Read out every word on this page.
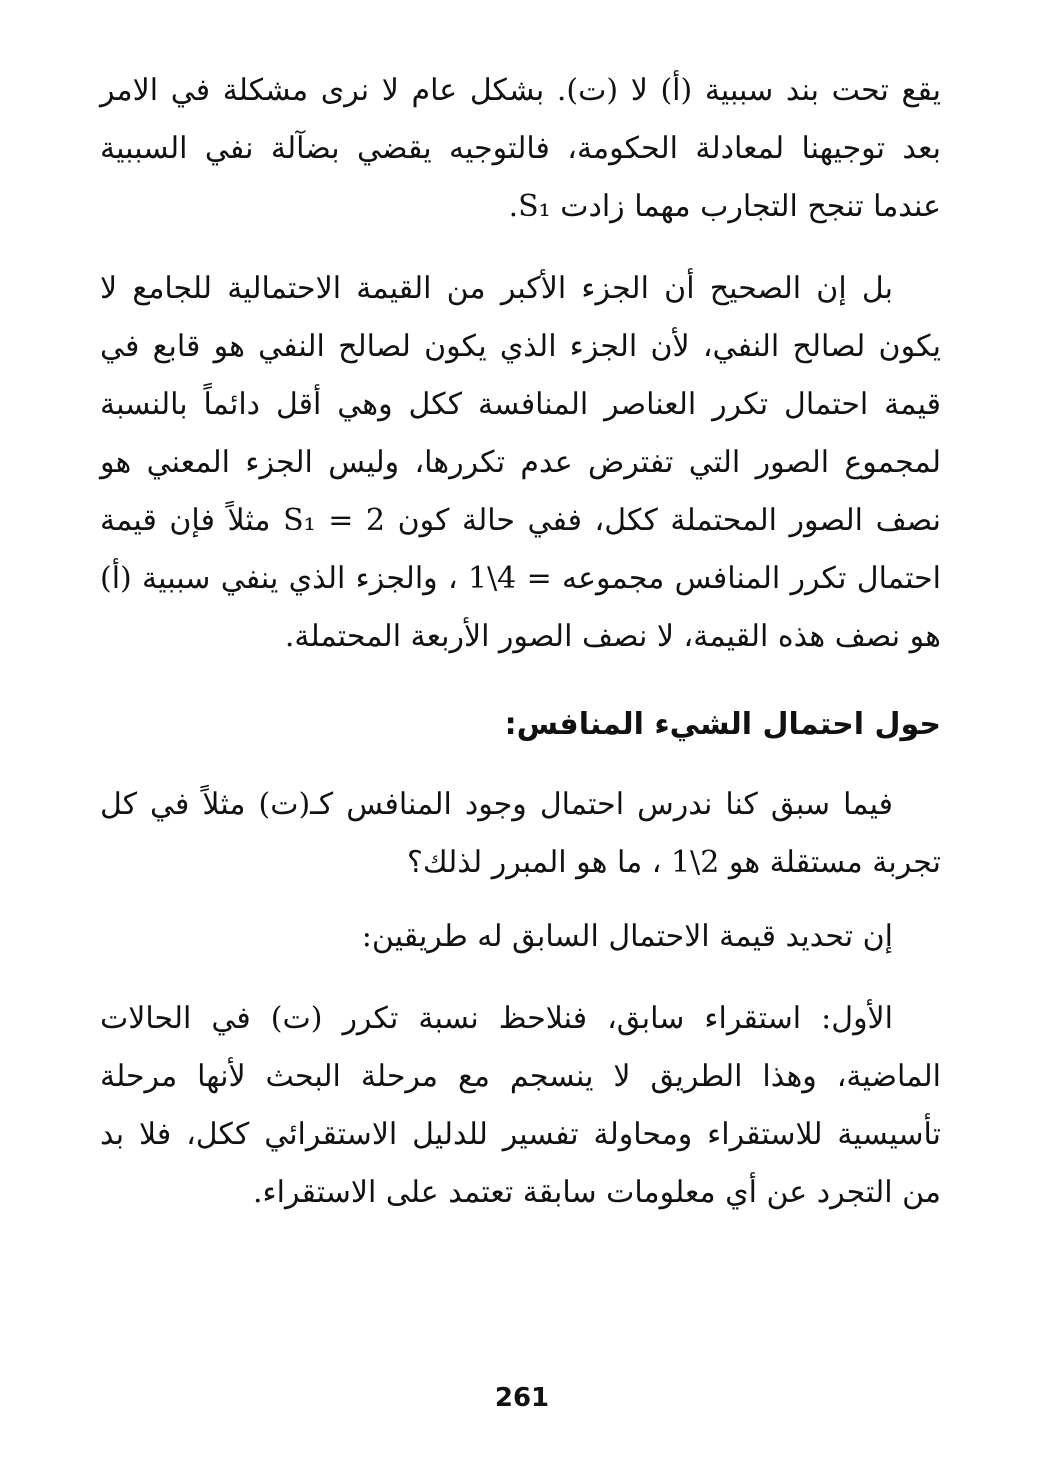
يقع تحت بند سببية (أ) لا (ت). بشكل عام لا نرى مشكلة في الامر بعد توجيهنا لمعادلة الحكومة، فالتوجيه يقضي بضآلة نفي السببية عندما تنجح التجارب مهما زادت S₁.

بل إن الصحيح أن الجزء الأكبر من القيمة الاحتمالية للجامع لا يكون لصالح النفي، لأن الجزء الذي يكون لصالح النفي هو قابع في قيمة احتمال تكرر العناصر المنافسة ككل وهي أقل دائماً بالنسبة لمجموع الصور التي تفترض عدم تكررها، وليس الجزء المعني هو نصف الصور المحتملة ككل، ففي حالة كون S₁ = 2 مثلاً فإن قيمة احتمال تكرر المنافس مجموعه = 4\1 ، والجزء الذي ينفي سببية (أ) هو نصف هذه القيمة، لا نصف الصور الأربعة المحتملة.

حول احتمال الشيء المنافس:

فيما سبق كنا ندرس احتمال وجود المنافس كـ(ت) مثلاً في كل تجربة مستقلة هو 2\1 ، ما هو المبرر لذلك؟

إن تحديد قيمة الاحتمال السابق له طريقين:

الأول: استقراء سابق، فنلاحظ نسبة تكرر (ت) في الحالات الماضية، وهذا الطريق لا ينسجم مع مرحلة البحث لأنها مرحلة تأسيسية للاستقراء ومحاولة تفسير للدليل الاستقرائي ككل، فلا بد من التجرد عن أي معلومات سابقة تعتمد على الاستقراء.

261
